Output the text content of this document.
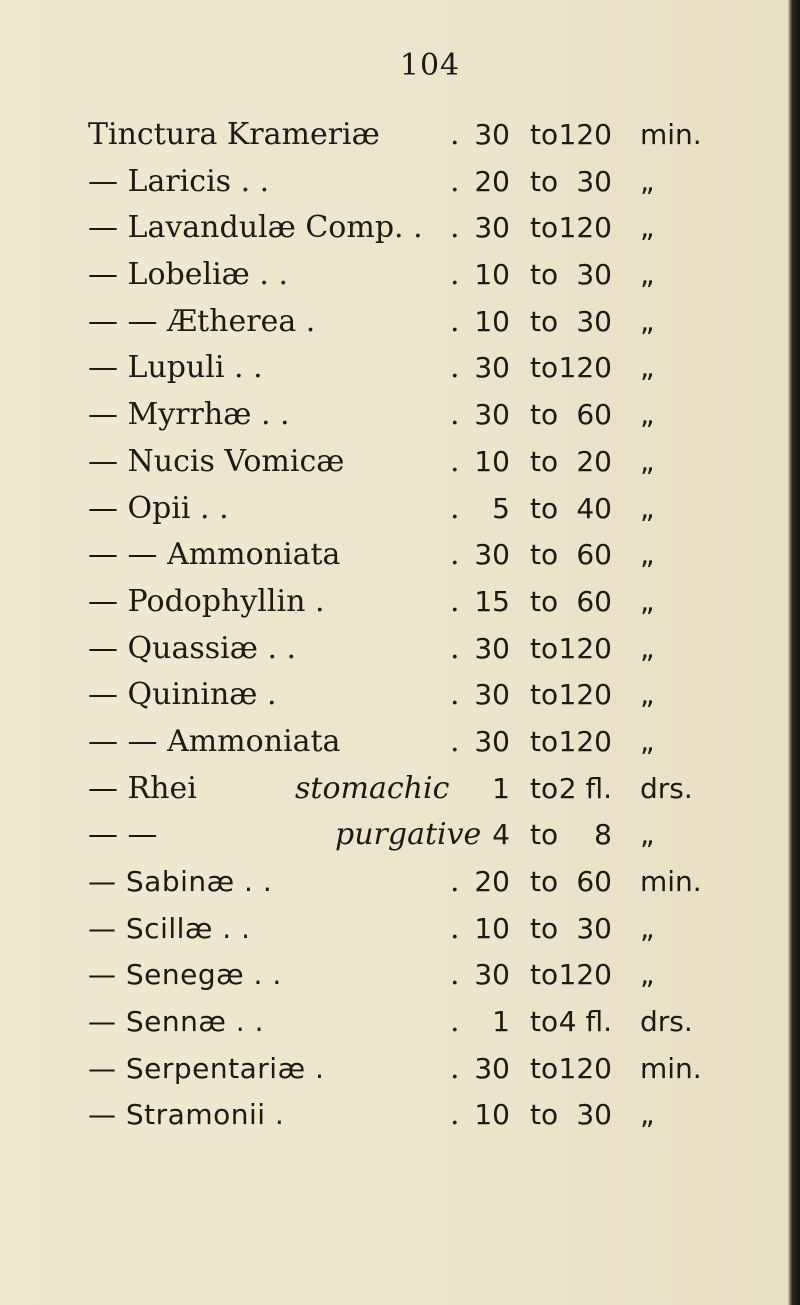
104
Tinctura Krameriæ . 30 to 120 min.
— Laricis . .	. 20 to 30 „
— Lavandulæ Comp. . . 30 to 120 „
— Lobeliæ . .	. 10 to 30 „
— — Ætherea .	. 10 to 30 „
— Lupuli . .	. 30 to 120 „
— Myrrhæ . .	. 30 to 60 „
— Nucis Vomicæ	. 10 to 20 „
— Opii . .	. 5 to 40 „
— — Ammoniata	. 30 to 60 „
— Podophyllin .	. 15 to 60 „
— Quassiæ . .	. 30 to 120 „
— Quininæ .	. 30 to 120 „
— — Ammoniata	. 30 to 120 „
— Rhei	stomachic 1 to 2 fl. drs.
— —	purgative 4 to 8 „
— Sabinæ . .	. 20 to 60 min.
— Scillæ . .	. 10 to 30 „
— Senegæ . .	. 30 to 120 „
— Sennæ . .	. 1 to 4 fl. drs.
— Serpentariæ .	. 30 to 120 min.
— Stramonii .	. 10 to 30 „
